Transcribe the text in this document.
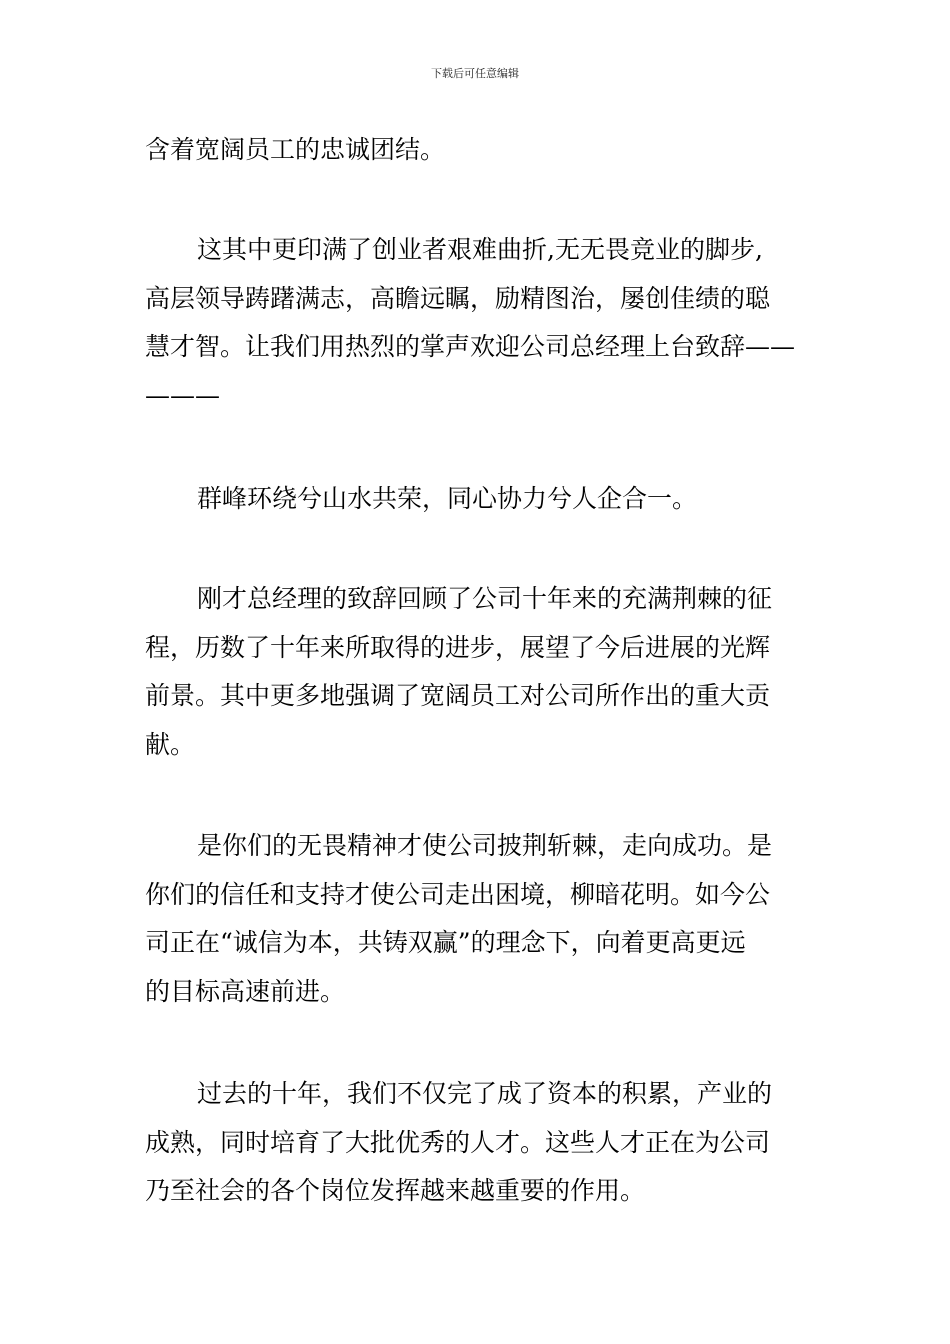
下载后可任意编辑
含着宽阔员工的忠诚团结。
这其中更印满了创业者艰难曲折,无无畏竞业的脚步,
高层领导踌躇满志，高瞻远瞩，励精图治，屡创佳绩的聪
慧才智。让我们用热烈的掌声欢迎公司总经理上台致辞——
———
群峰环绕兮山水共荣，同心协力兮人企合一。
刚才总经理的致辞回顾了公司十年来的充满荆棘的征
程，历数了十年来所取得的进步，展望了今后进展的光辉
前景。其中更多地强调了宽阔员工对公司所作出的重大贡
献。
是你们的无畏精神才使公司披荆斩棘，走向成功。是
你们的信任和支持才使公司走出困境，柳暗花明。如今公
司正在“诚信为本，共铸双赢”的理念下，向着更高更远
的目标高速前进。
过去的十年，我们不仅完了成了资本的积累，产业的
成熟，同时培育了大批优秀的人才。这些人才正在为公司
乃至社会的各个岗位发挥越来越重要的作用。
